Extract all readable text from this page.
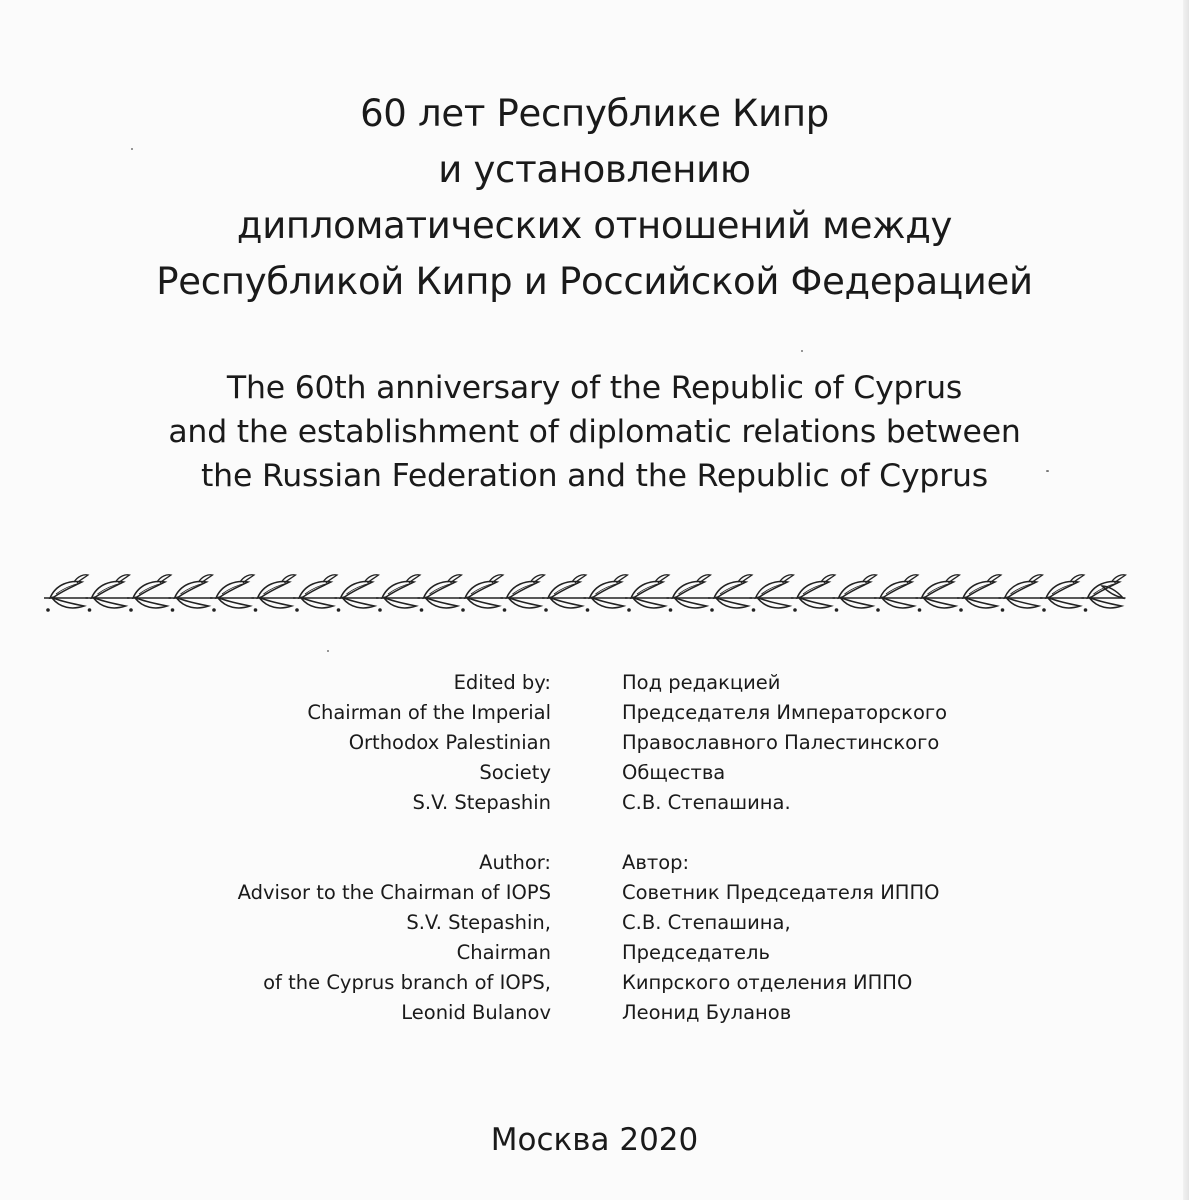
60 лет Республике Кипр
и установлению
дипломатических отношений между
Республикой Кипр и Российской Федерацией
The 60th anniversary of the Republic of Cyprus
and the establishment of diplomatic relations between
the Russian Federation and the Republic of Cyprus
Edited by:
Chairman of the Imperial
Orthodox Palestinian
Society
S.V. Stepashin
Author:
Advisor to the Chairman of IOPS
S.V. Stepashin,
Chairman
of the Cyprus branch of IOPS,
Leonid Bulanov
Под редакцией
Председателя Императорского
Православного Палестинского
Общества
С.В. Степашина.
Автор:
Советник Председателя ИППО
С.В. Степашина,
Председатель
Кипрского отделения ИППО
Леонид Буланов
Москва 2020
